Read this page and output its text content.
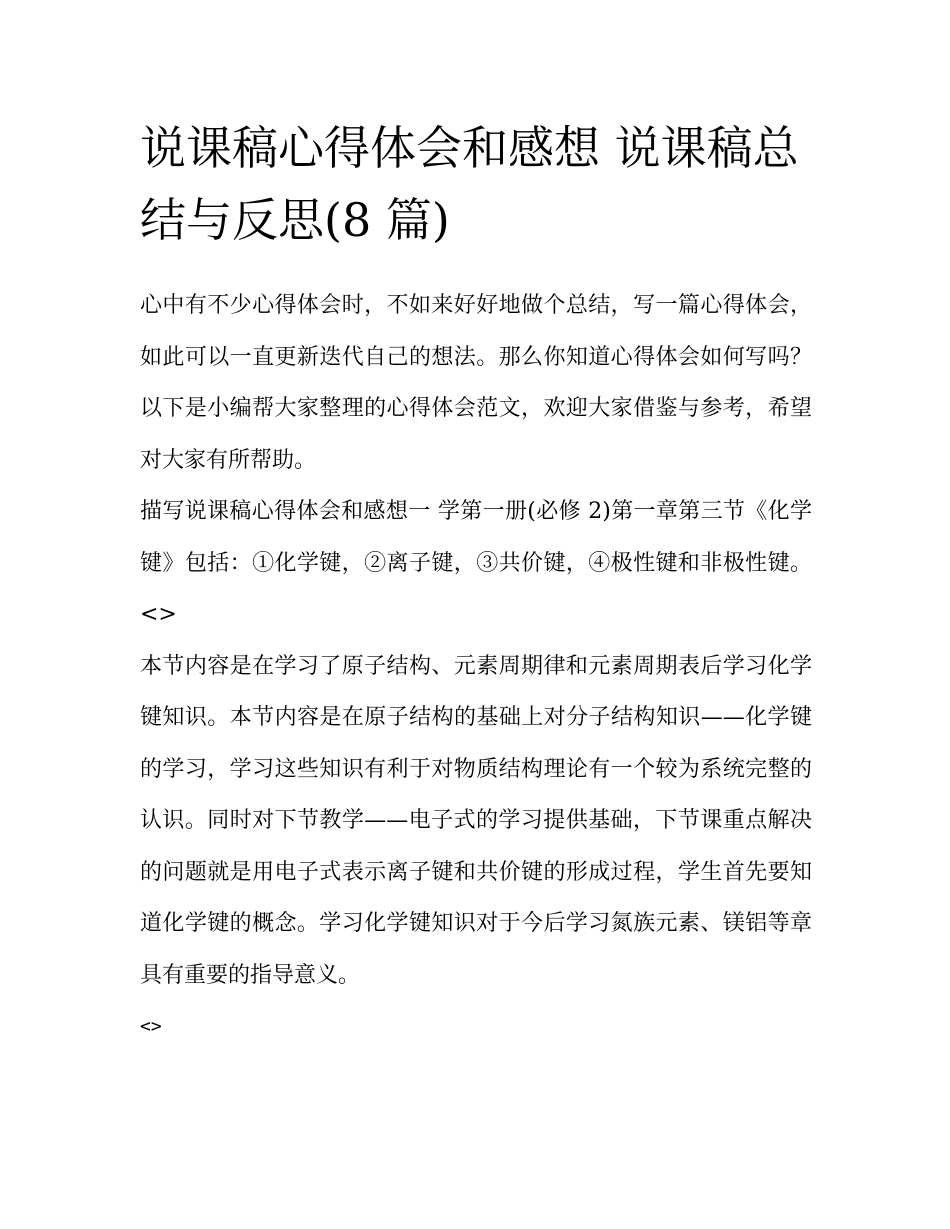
说课稿心得体会和感想 说课稿总结与反思(8 篇)

心中有不少心得体会时，不如来好好地做个总结，写一篇心得体会，如此可以一直更新迭代自己的想法。那么你知道心得体会如何写吗？以下是小编帮大家整理的心得体会范文，欢迎大家借鉴与参考，希望对大家有所帮助。

描写说课稿心得体会和感想一 学第一册(必修 2)第一章第三节《化学键》包括：①化学键，②离子键，③共价键，④极性键和非极性键。 <>

本节内容是在学习了原子结构、元素周期律和元素周期表后学习化学键知识。本节内容是在原子结构的基础上对分子结构知识——化学键的学习，学习这些知识有利于对物质结构理论有一个较为系统完整的认识。同时对下节教学——电子式的学习提供基础，下节课重点解决的问题就是用电子式表示离子键和共价键的形成过程，学生首先要知道化学键的概念。学习化学键知识对于今后学习氮族元素、镁铝等章具有重要的指导意义。

<>
